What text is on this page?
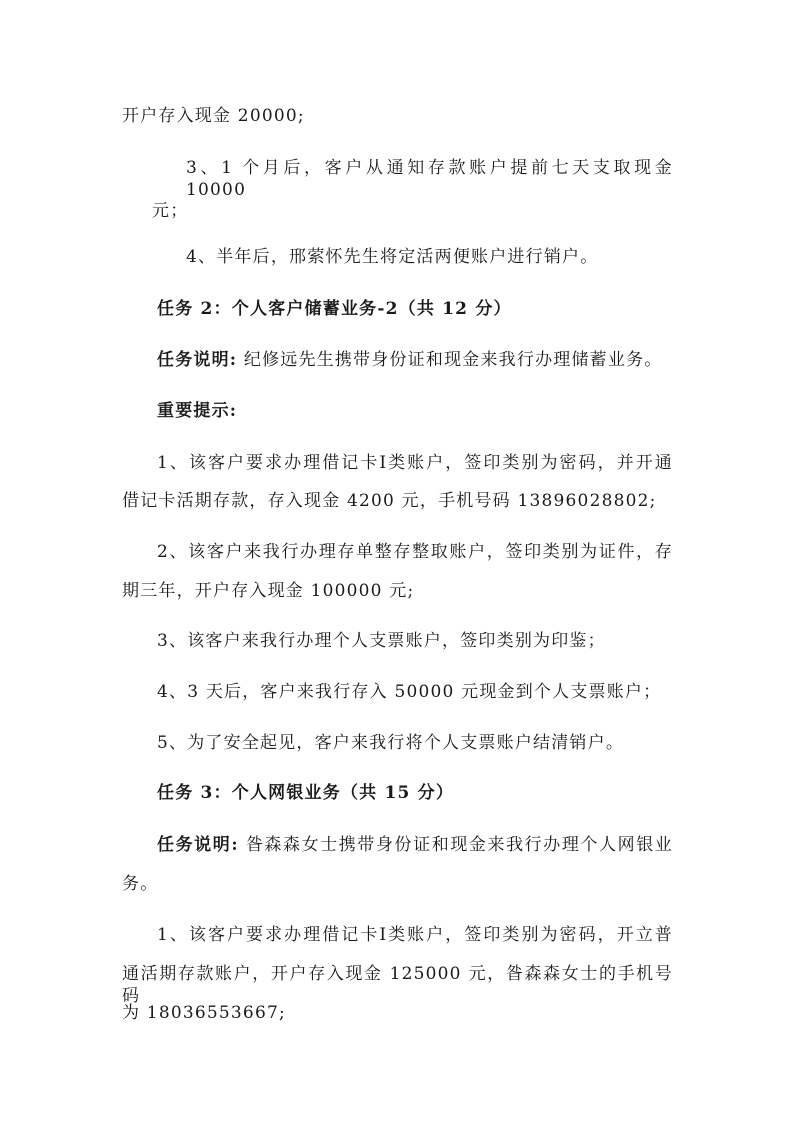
开户存入现金 20000;
3、1 个月后，客户从通知存款账户提前七天支取现金 10000
元；
4、半年后，邢萦怀先生将定活两便账户进行销户。
任务 2：个人客户储蓄业务-2（共 12 分）
任务说明: 纪修远先生携带身份证和现金来我行办理储蓄业务。
重要提示:
1、该客户要求办理借记卡Ⅰ类账户，签印类别为密码，并开通
借记卡活期存款，存入现金 4200 元，手机号码 13896028802;
2、该客户来我行办理存单整存整取账户，签印类别为证件，存
期三年，开户存入现金 100000 元;
3、该客户来我行办理个人支票账户，签印类别为印鉴；
4、3 天后，客户来我行存入 50000 元现金到个人支票账户；
5、为了安全起见，客户来我行将个人支票账户结清销户。
任务 3：个人网银业务（共 15 分）
任务说明: 昝森森女士携带身份证和现金来我行办理个人网银业
务。
1、该客户要求办理借记卡Ⅰ类账户，签印类别为密码，开立普
通活期存款账户，开户存入现金 125000 元，昝森森女士的手机号码
为 18036553667;
